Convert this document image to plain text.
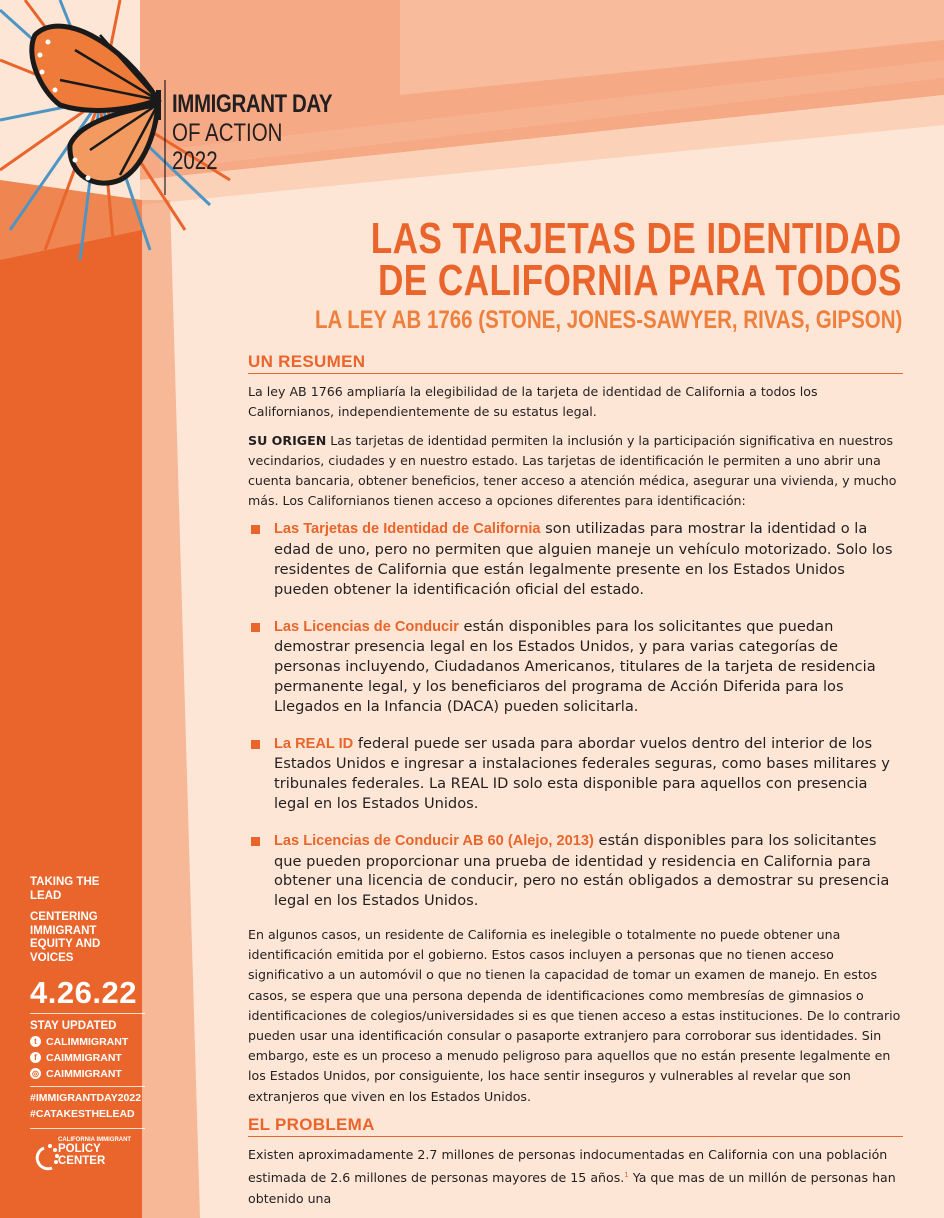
IMMIGRANT DAY
OF ACTION
2022
LAS TARJETAS DE IDENTIDAD
DE CALIFORNIA PARA TODOS
LA LEY AB 1766 (STONE, JONES-SAWYER, RIVAS, GIPSON)
UN RESUMEN

La ley AB 1766 ampliaría la elegibilidad de la tarjeta de identidad de California a todos los Californianos, independientemente de su estatus legal.

SU ORIGEN Las tarjetas de identidad permiten la inclusión y la participación significativa en nuestros vecindarios, ciudades y en nuestro estado. Las tarjetas de identificación le permiten a uno abrir una cuenta bancaria, obtener beneficios, tener acceso a atención médica, asegurar una vivienda, y mucho más. Los Californianos tienen acceso a opciones diferentes para identificación:

Las Tarjetas de Identidad de California son utilizadas para mostrar la identidad o la edad de uno, pero no permiten que alguien maneje un vehículo motorizado. Solo los residentes de California que están legalmente presente en los Estados Unidos pueden obtener la identificación oficial del estado.
Las Licencias de Conducir están disponibles para los solicitantes que puedan demostrar presencia legal en los Estados Unidos, y para varias categorías de personas incluyendo, Ciudadanos Americanos, titulares de la tarjeta de residencia permanente legal, y los beneficiaros del programa de Acción Diferida para los Llegados en la Infancia (DACA) pueden solicitarla.
La REAL ID federal puede ser usada para abordar vuelos dentro del interior de los Estados Unidos e ingresar a instalaciones federales seguras, como bases militares y tribunales federales. La REAL ID solo esta disponible para aquellos con presencia legal en los Estados Unidos.
Las Licencias de Conducir AB 60 (Alejo, 2013) están disponibles para los solicitantes que pueden proporcionar una prueba de identidad y residencia en California para obtener una licencia de conducir, pero no están obligados a demostrar su presencia legal en los Estados Unidos.

En algunos casos, un residente de California es inelegible o totalmente no puede obtener una identificación emitida por el gobierno. Estos casos incluyen a personas que no tienen acceso significativo a un automóvil o que no tienen la capacidad de tomar un examen de manejo. En estos casos, se espera que una persona dependa de identificaciones como membresías de gimnasios o identificaciones de colegios/universidades si es que tienen acceso a estas instituciones. De lo contrario pueden usar una identificación consular o pasaporte extranjero para corroborar sus identidades. Sin embargo, este es un proceso a menudo peligroso para aquellos que no están presente legalmente en los Estados Unidos, por consiguiente, los hace sentir inseguros y vulnerables al revelar que son extranjeros que viven en los Estados Unidos.

EL PROBLEMA

Existen aproximadamente 2.7 millones de personas indocumentadas en California con una población estimada de 2.6 millones de personas mayores de 15 años.$^1$ Ya que mas de un millón de personas han obtenido una

TAKING THE LEAD
CENTERING IMMIGRANT EQUITY AND VOICES
4.26.22
STAY UPDATED
t CALIMMIGRANT
f CAIMMIGRANT
◎ CAIMMIGRANT
#IMMIGRANTDAY2022
#CATAKESTHELEAD
CALIFORNIA IMMIGRANT
POLICY CENTER
